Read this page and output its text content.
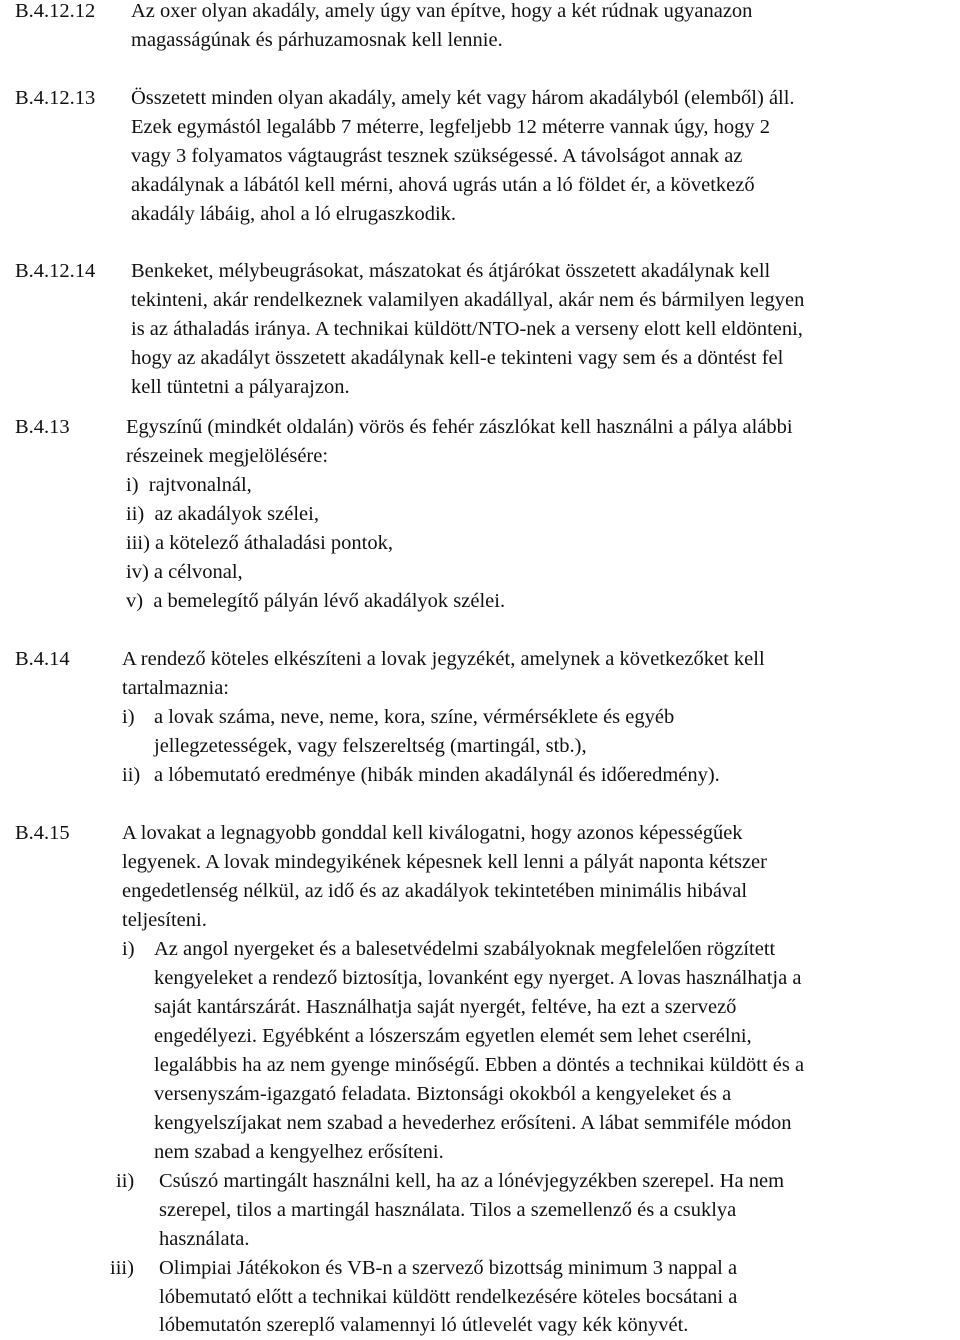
B.4.12.12 Az oxer olyan akadály, amely úgy van építve, hogy a két rúdnak ugyanazon
magasságúnak és párhuzamosnak kell lennie.
B.4.12.13 Összetett minden olyan akadály, amely két vagy három akadályból (elemből) áll.
Ezek egymástól legalább 7 méterre, legfeljebb 12 méterre vannak úgy, hogy 2
vagy 3 folyamatos vágtaugrást tesznek szükségessé. A távolságot annak az
akadálynak a lábától kell mérni, ahová ugrás után a ló földet ér, a következő
akadály lábáig, ahol a ló elrugaszkodik.
B.4.12.14 Benkeket, mélybeugrásokat, mászatokat és átjárókat összetett akadálynak kell
tekinteni, akár rendelkeznek valamilyen akadállyal, akár nem és bármilyen legyen
is az áthaladás iránya. A technikai küldött/NTO-nek a verseny elott kell eldönteni,
hogy az akadályt összetett akadálynak kell-e tekinteni vagy sem és a döntést fel
kell tüntetni a pályarajzon.
B.4.13	Egyszínű (mindkét oldalán) vörös és fehér zászlókat kell használni a pálya alábbi
részeinek megjelölésére:
i)  rajtvonalnál,
ii)  az akadályok szélei,
iii) a kötelező áthaladási pontok,
iv) a célvonal,
v)  a bemelegítő pályán lévő akadályok szélei.
B.4.14	A rendező köteles elkészíteni a lovak jegyzékét, amelynek a következőket kell
tartalmaznia:
i) a lovak száma, neve, neme, kora, színe, vérmérséklete és egyéb
jellegzetességek, vagy felszereltség (martingál, stb.),
ii) a lóbemutató eredménye (hibák minden akadálynál és időeredmény).
B.4.15	A lovakat a legnagyobb gonddal kell kiválogatni, hogy azonos képességűek
legyenek. A lovak mindegyikének képesnek kell lenni a pályát naponta kétszer
engedetlenség nélkül, az idő és az akadályok tekintetében minimális hibával
teljesíteni.
i) Az angol nyergeket és a balesetvédelmi szabályoknak megfelelően rögzített
kengyeleket a rendező biztosítja, lovanként egy nyerget. A lovas használhatja a
saját kantárszárát. Használhatja saját nyergét, feltéve, ha ezt a szervező
engedélyezi. Egyébként a lószerszám egyetlen elemét sem lehet cserélni,
legalábbis ha az nem gyenge minőségű. Ebben a döntés a technikai küldött és a
versenyszám-igazgató feladata. Biztonsági okokból a kengyeleket és a
kengyelszíjakat nem szabad a hevederhez erősíteni. A lábat semmiféle módon
nem szabad a kengyelhez erősíteni.
ii) Csúszó martingált használni kell, ha az a lónévjegyzékben szerepel. Ha nem
szerepel, tilos a martingál használata. Tilos a szemellenző és a csuklya
használata.
iii) Olimpiai Játékokon és VB-n a szervező bizottság minimum 3 nappal a
lóbemutató előtt a technikai küldött rendelkezésére köteles bocsátani a
lóbemutatón szereplő valamennyi ló útlevelét vagy kék könyvét.
